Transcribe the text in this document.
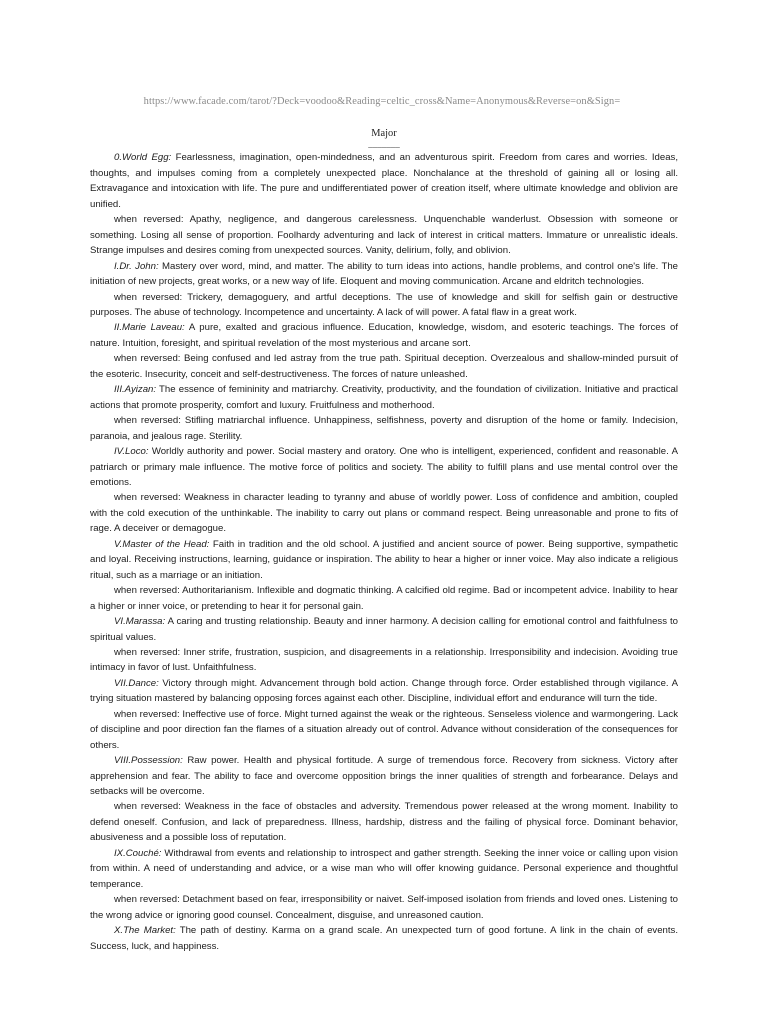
https://www.facade.com/tarot/?Deck=voodoo&Reading=celtic_cross&Name=Anonymous&Reverse=on&Sign=
Major
_______

0.World Egg: Fearlessness, imagination, open-mindedness, and an adventurous spirit. Freedom from cares and worries. Ideas, thoughts, and impulses coming from a completely unexpected place. Nonchalance at the threshold of gaining all or losing all. Extravagance and intoxication with life. The pure and undifferentiated power of creation itself, where ultimate knowledge and oblivion are unified.

when reversed: Apathy, negligence, and dangerous carelessness. Unquenchable wanderlust. Obsession with someone or something. Losing all sense of proportion. Foolhardy adventuring and lack of interest in critical matters. Immature or unrealistic ideals. Strange impulses and desires coming from unexpected sources. Vanity, delirium, folly, and oblivion.

I.Dr. John: Mastery over word, mind, and matter. The ability to turn ideas into actions, handle problems, and control one's life. The initiation of new projects, great works, or a new way of life. Eloquent and moving communication. Arcane and eldritch technologies.

when reversed: Trickery, demagoguery, and artful deceptions. The use of knowledge and skill for selfish gain or destructive purposes. The abuse of technology. Incompetence and uncertainty. A lack of will power. A fatal flaw in a great work.

II.Marie Laveau: A pure, exalted and gracious influence. Education, knowledge, wisdom, and esoteric teachings. The forces of nature. Intuition, foresight, and spiritual revelation of the most mysterious and arcane sort.

when reversed: Being confused and led astray from the true path. Spiritual deception. Overzealous and shallow-minded pursuit of the esoteric. Insecurity, conceit and self-destructiveness. The forces of nature unleashed.

III.Ayizan: The essence of femininity and matriarchy. Creativity, productivity, and the foundation of civilization. Initiative and practical actions that promote prosperity, comfort and luxury. Fruitfulness and motherhood.

when reversed: Stifling matriarchal influence. Unhappiness, selfishness, poverty and disruption of the home or family. Indecision, paranoia, and jealous rage. Sterility.

IV.Loco: Worldly authority and power. Social mastery and oratory. One who is intelligent, experienced, confident and reasonable. A patriarch or primary male influence. The motive force of politics and society. The ability to fulfill plans and use mental control over the emotions.

when reversed: Weakness in character leading to tyranny and abuse of worldly power. Loss of confidence and ambition, coupled with the cold execution of the unthinkable. The inability to carry out plans or command respect. Being unreasonable and prone to fits of rage. A deceiver or demagogue.

V.Master of the Head: Faith in tradition and the old school. A justified and ancient source of power. Being supportive, sympathetic and loyal. Receiving instructions, learning, guidance or inspiration. The ability to hear a higher or inner voice. May also indicate a religious ritual, such as a marriage or an initiation.

when reversed: Authoritarianism. Inflexible and dogmatic thinking. A calcified old regime. Bad or incompetent advice. Inability to hear a higher or inner voice, or pretending to hear it for personal gain.

VI.Marassa: A caring and trusting relationship. Beauty and inner harmony. A decision calling for emotional control and faithfulness to spiritual values.

when reversed: Inner strife, frustration, suspicion, and disagreements in a relationship. Irresponsibility and indecision. Avoiding true intimacy in favor of lust. Unfaithfulness.

VII.Dance: Victory through might. Advancement through bold action. Change through force. Order established through vigilance. A trying situation mastered by balancing opposing forces against each other. Discipline, individual effort and endurance will turn the tide.

when reversed: Ineffective use of force. Might turned against the weak or the righteous. Senseless violence and warmongering. Lack of discipline and poor direction fan the flames of a situation already out of control. Advance without consideration of the consequences for others.

VIII.Possession: Raw power. Health and physical fortitude. A surge of tremendous force. Recovery from sickness. Victory after apprehension and fear. The ability to face and overcome opposition brings the inner qualities of strength and forbearance. Delays and setbacks will be overcome.

when reversed: Weakness in the face of obstacles and adversity. Tremendous power released at the wrong moment. Inability to defend oneself. Confusion, and lack of preparedness. Illness, hardship, distress and the failing of physical force. Dominant behavior, abusiveness and a possible loss of reputation.

IX.Couché: Withdrawal from events and relationship to introspect and gather strength. Seeking the inner voice or calling upon vision from within. A need of understanding and advice, or a wise man who will offer knowing guidance. Personal experience and thoughtful temperance.

when reversed: Detachment based on fear, irresponsibility or naivet. Self-imposed isolation from friends and loved ones. Listening to the wrong advice or ignoring good counsel. Concealment, disguise, and unreasoned caution.

X.The Market: The path of destiny. Karma on a grand scale. An unexpected turn of good fortune. A link in the chain of events. Success, luck, and happiness.
